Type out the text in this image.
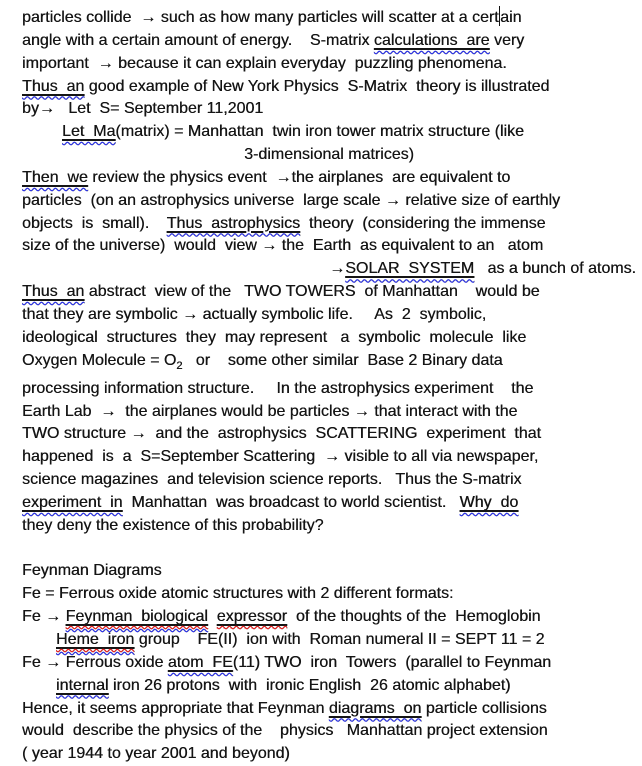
particles collide  → such as how many particles will scatter at a certain
angle with a certain amount of energy.    S-matrix calculations  are very
important  → because it can explain everyday  puzzling phenomena.
Thus  an good example of New York Physics  S-Matrix  theory is illustrated
by→   Let  S= September 11,2001
Let  Ma(matrix) = Manhattan  twin iron tower matrix structure (like
3-dimensional matrices)
Then  we review the physics event  →the airplanes  are equivalent to
particles  (on an astrophysics universe  large scale → relative size of earthly
objects  is  small).    Thus  astrophysics  theory  (considering the immense
size of the universe)  would  view → the  Earth  as equivalent to an   atom
→SOLAR  SYSTEM   as a bunch of atoms.
Thus  an abstract  view of the   TWO TOWERS  of Manhattan    would be
that they are symbolic → actually symbolic life.     As  2  symbolic,
ideological  structures  they  may represent   a  symbolic  molecule  like
Oxygen Molecule = $O_2$   or    some other similar  Base 2 Binary data
processing information structure.     In the astrophysics experiment    the
Earth Lab  →  the airplanes would be particles → that interact with the
TWO structure →  and the  astrophysics  SCATTERING  experiment  that
happened  is  a  S=September Scattering  → visible to all via newspaper,
science magazines  and television science reports.   Thus the S-matrix
experiment  in  Manhattan  was broadcast to world scientist.   Why  do
they deny the existence of this probability?
Feynman Diagrams
Fe = Ferrous oxide atomic structures with 2 different formats:
Fe → Feynman  biological expressor  of the thoughts of the  Hemoglobin
Heme  iron group    FE(II)  ion with  Roman numeral II = SEPT 11 = 2
Fe → Ferrous oxide atom  FE(11) TWO  iron  Towers  (parallel to Feynman
internal iron 26 protons  with  ironic English  26 atomic alphabet)
Hence, it seems appropriate that Feynman diagrams  on particle collisions
would  describe the physics of the    physics   Manhattan project extension
( year 1944 to year 2001 and beyond)
